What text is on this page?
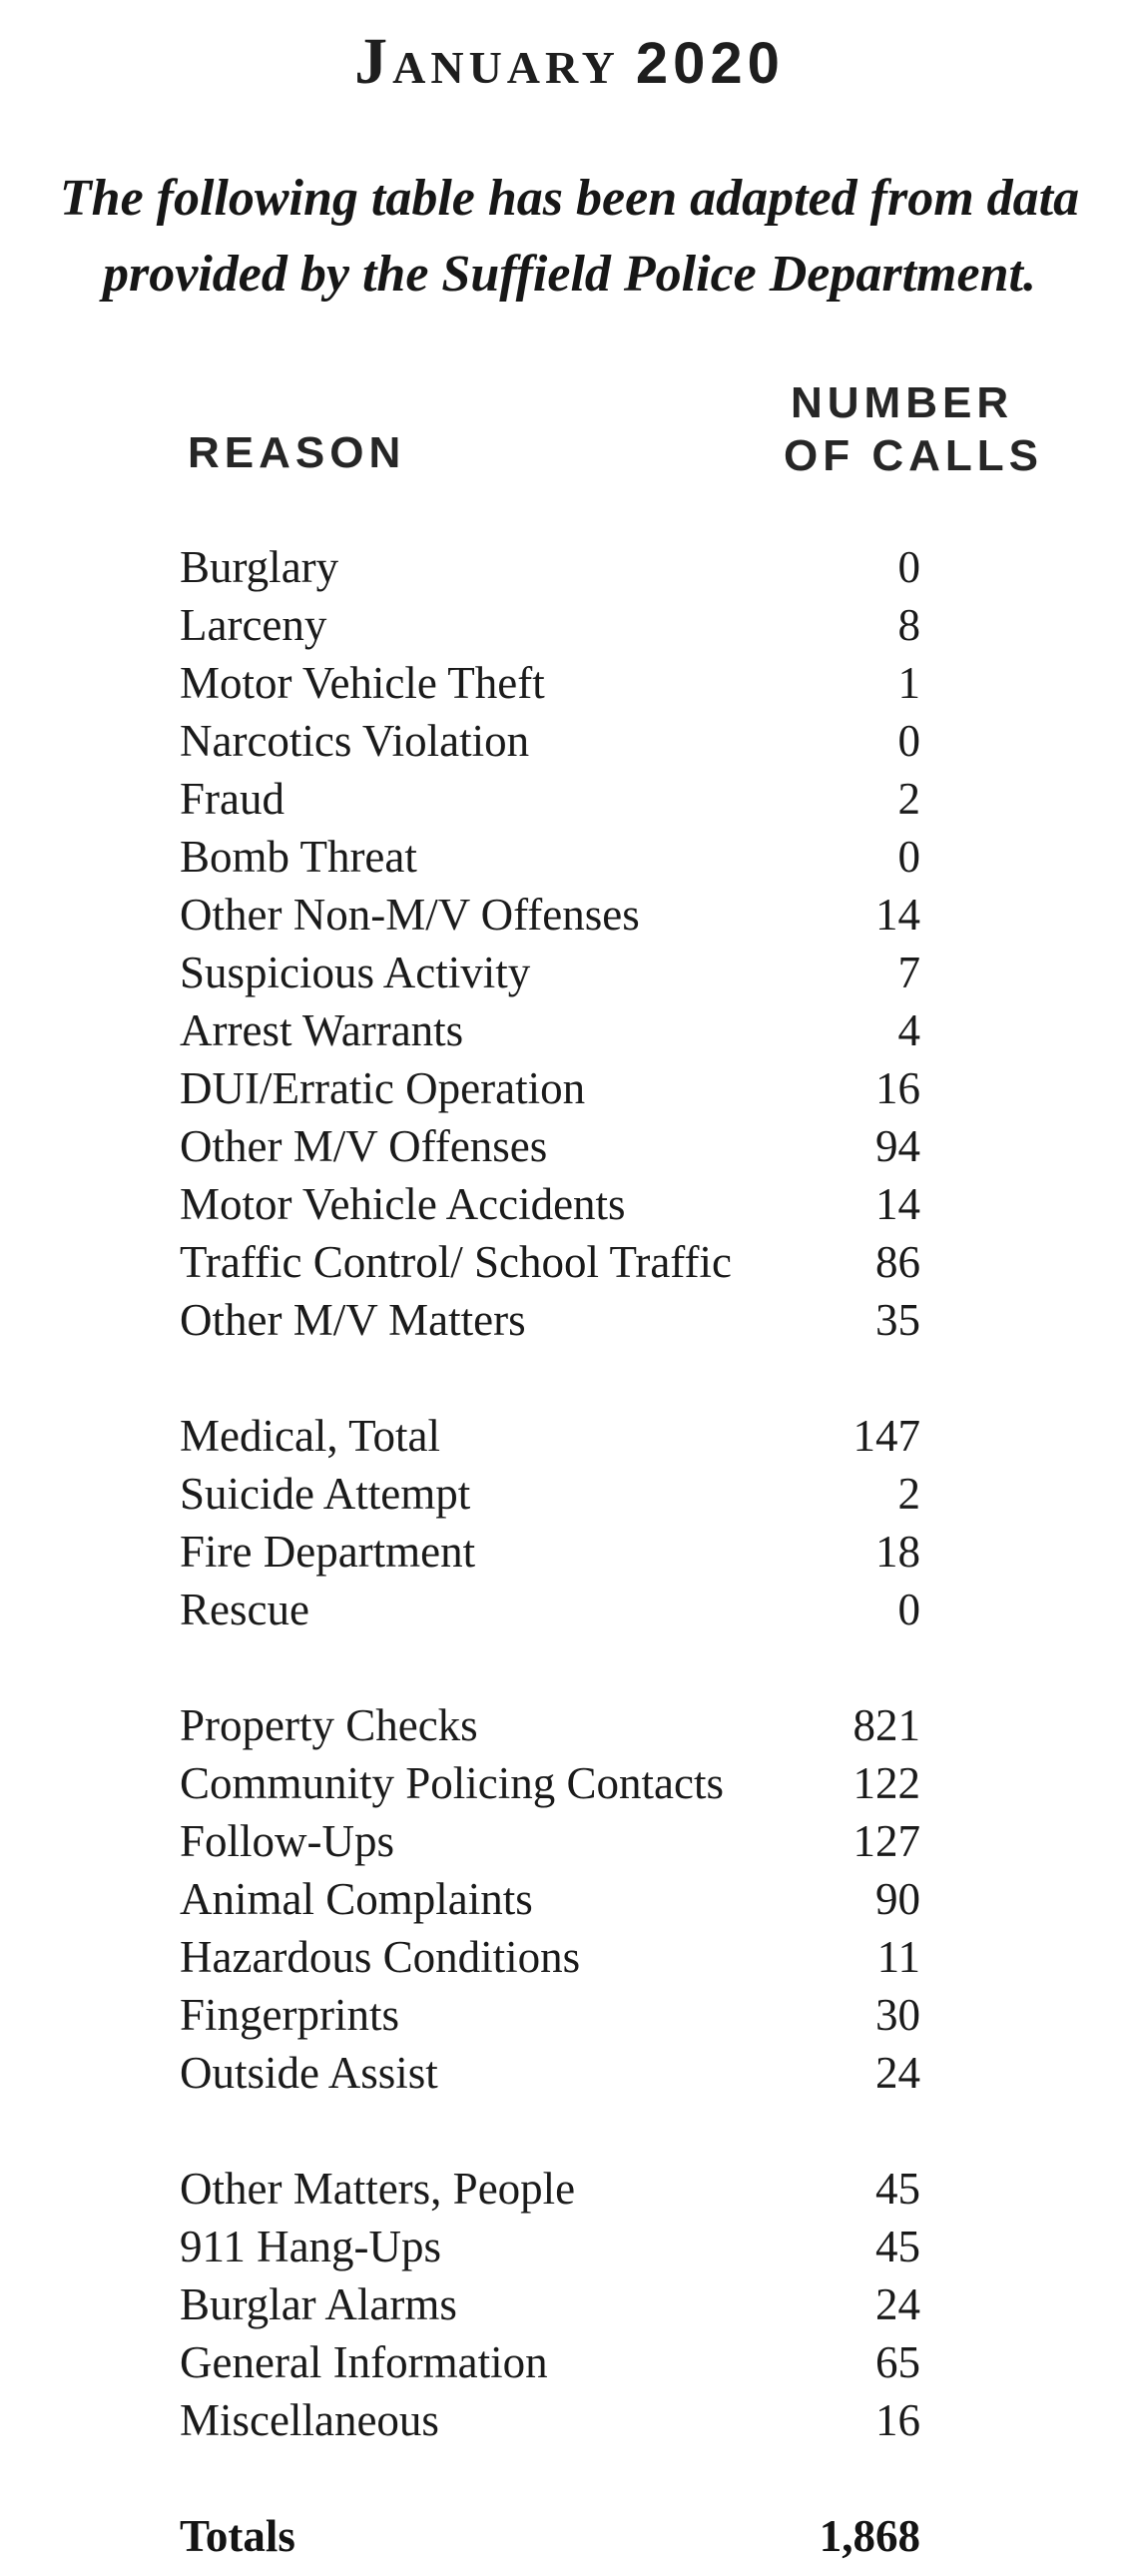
January 2020
The following table has been adapted from data
provided by the Suffield Police Department.
REASON
NUMBER
OF CALLS
Burglary	0
Larceny	8
Motor Vehicle Theft	1
Narcotics Violation	0
Fraud	2
Bomb Threat	0
Other Non-M/V Offenses	14
Suspicious Activity	7
Arrest Warrants	4
DUI/Erratic Operation	16
Other M/V Offenses	94
Motor Vehicle Accidents	14
Traffic Control/ School Traffic	86
Other M/V Matters	35
Medical, Total	147
Suicide Attempt	2
Fire Department	18
Rescue	0
Property Checks	821
Community Policing Contacts	122
Follow-Ups	127
Animal Complaints	90
Hazardous Conditions	11
Fingerprints	30
Outside Assist	24
Other Matters, People	45
911 Hang-Ups	45
Burglar Alarms	24
General Information	65
Miscellaneous	16
Totals	1,868
